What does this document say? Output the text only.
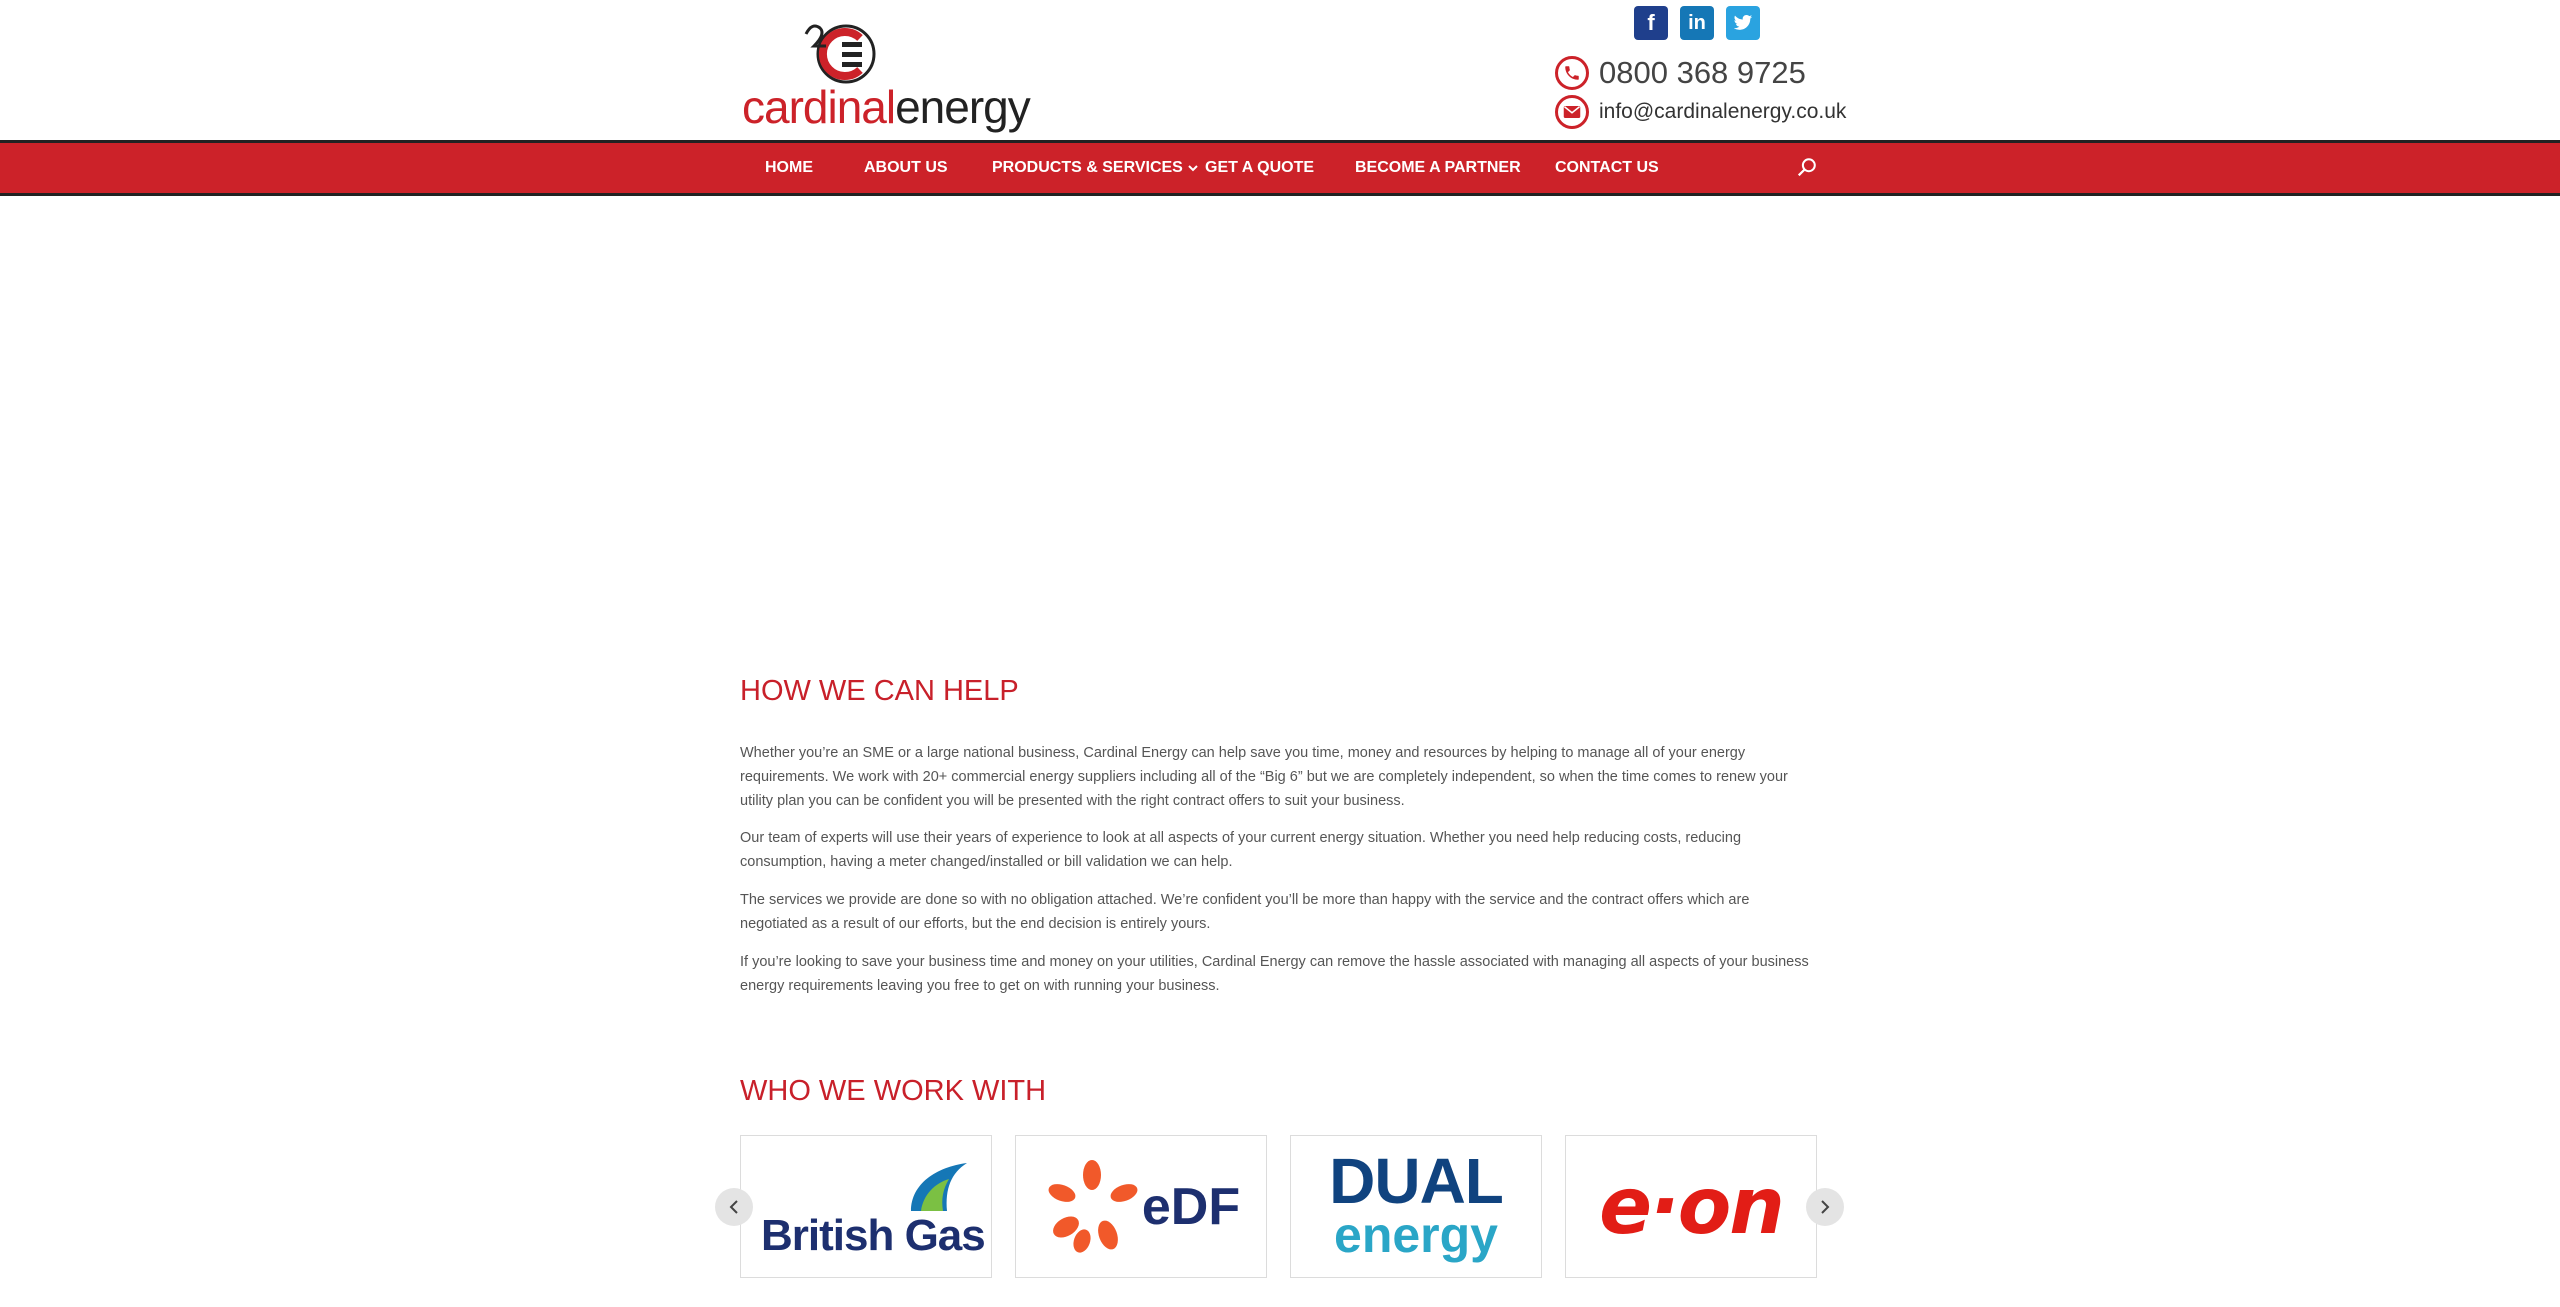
cardinalenergy
f	in
0800 368 9725
info@cardinalenergy.co.uk
HOME	ABOUT US	PRODUCTS & SERVICES	GET A QUOTE	BECOME A PARTNER CONTACT US
HOW WE CAN HELP

Whether you’re an SME or a large national business, Cardinal Energy can help save you time, money and resources by helping to manage all of your energy requirements. We work with 20+ commercial energy suppliers including all of the “Big 6” but we are completely independent, so when the time comes to renew your utility plan you can be confident you will be presented with the right contract offers to suit your business.

Our team of experts will use their years of experience to look at all aspects of your current energy situation. Whether you need help reducing costs, reducing consumption, having a meter changed/installed or bill validation we can help.

The services we provide are done so with no obligation attached. We’re confident you’ll be more than happy with the service and the contract offers which are negotiated as a result of our efforts, but the end decision is entirely yours.

If you’re looking to save your business time and money on your utilities, Cardinal Energy can remove the hassle associated with managing all aspects of your business energy requirements leaving you free to get on with running your business.

WHO WE WORK WITH
British Gas	eDF DUAL
energy e·on
